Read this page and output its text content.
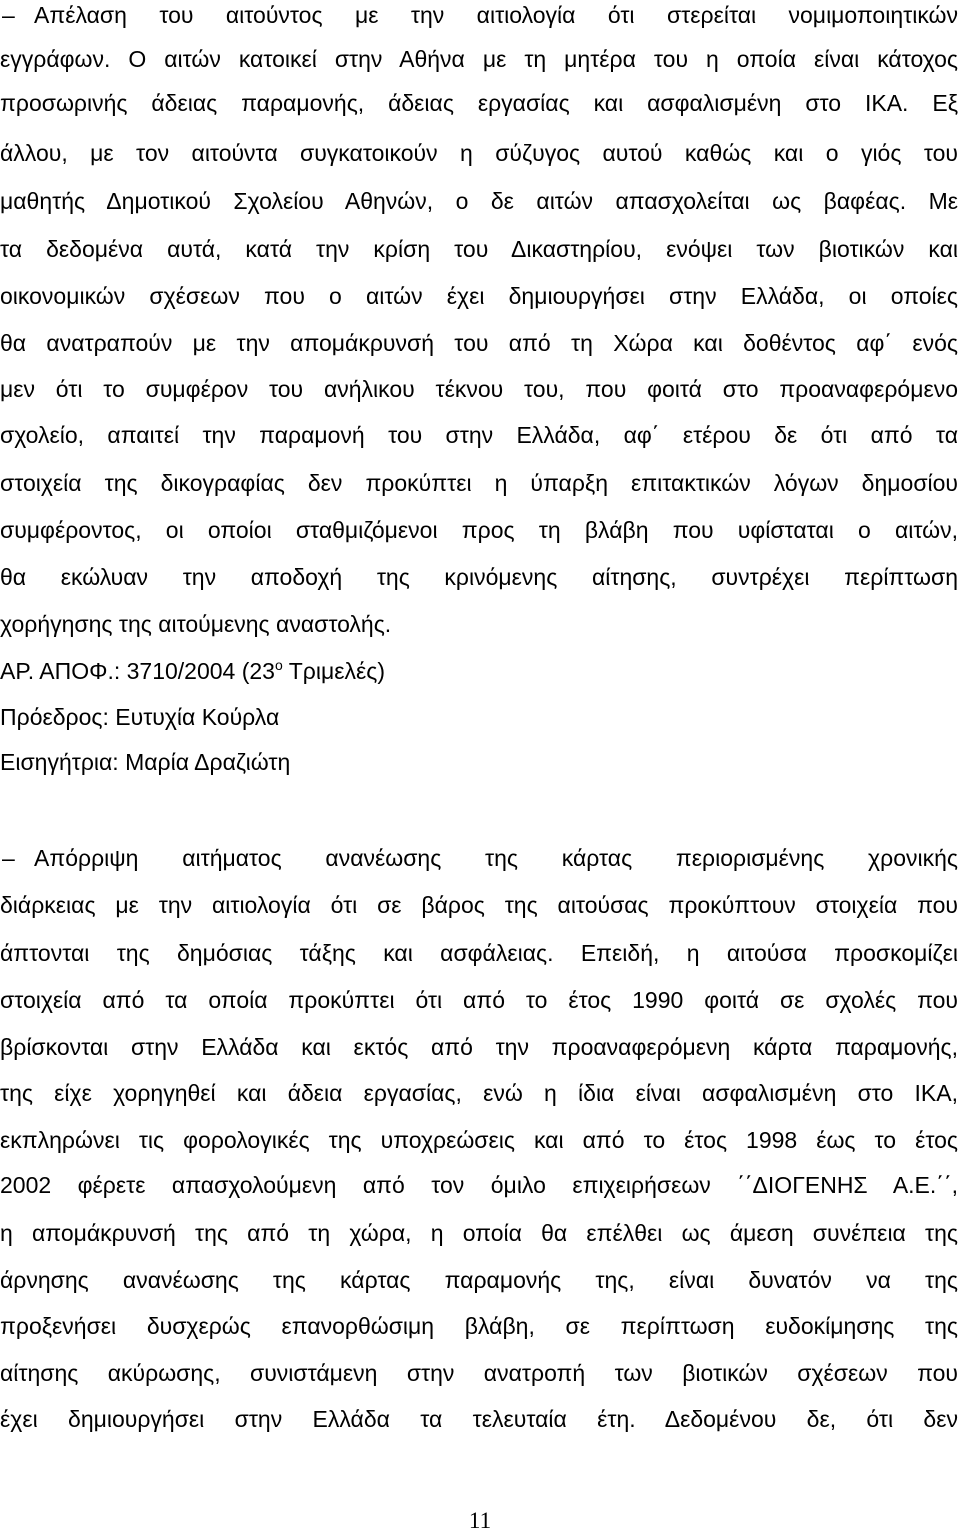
– Απέλαση του αιτούντος με την αιτιολογία ότι στερείται νομιμοποιητικών
εγγράφων. Ο αιτών κατοικεί στην Αθήνα με τη μητέρα του η οποία είναι κάτοχος
προσωρινής άδειας παραμονής, άδειας εργασίας και ασφαλισμένη στο ΙΚΑ. Εξ
άλλου, με τον αιτούντα συγκατοικούν η σύζυγος αυτού καθώς και ο γιός του
μαθητής Δημοτικού Σχολείου Αθηνών, ο δε αιτών απασχολείται ως βαφέας. Με
τα δεδομένα αυτά, κατά την κρίση του Δικαστηρίου, ενόψει των βιοτικών και
οικονομικών σχέσεων που ο αιτών έχει δημιουργήσει στην Ελλάδα, οι οποίες
θα ανατραπούν με την απομάκρυνσή του από τη Χώρα και δοθέντος αφ΄ ενός
μεν ότι το συμφέρον του ανήλικου τέκνου του, που φοιτά στο προαναφερόμενο
σχολείο, απαιτεί την παραμονή του στην Ελλάδα, αφ΄ ετέρου δε ότι από τα
στοιχεία της δικογραφίας δεν προκύπτει η ύπαρξη επιτακτικών λόγων δημοσίου
συμφέροντος, οι οποίοι σταθμιζόμενοι προς τη βλάβη που υφίσταται ο αιτών,
θα εκώλυαν την αποδοχή της κρινόμενης αίτησης, συντρέχει περίπτωση
χορήγησης της αιτούμενης αναστολής.
ΑΡ. ΑΠΟΦ.: 3710/2004 ($23^o$ Τριμελές)
Πρόεδρος: Ευτυχία Κούρλα
Εισηγήτρια: Μαρία Δραζιώτη
– Απόρριψη αιτήματος ανανέωσης της κάρτας περιορισμένης χρονικής
διάρκειας με την αιτιολογία ότι σε βάρος της αιτούσας προκύπτουν στοιχεία που
άπτονται της δημόσιας τάξης και ασφάλειας. Επειδή, η αιτούσα προσκομίζει
στοιχεία από τα οποία προκύπτει ότι από το έτος 1990 φοιτά σε σχολές που
βρίσκονται στην Ελλάδα και εκτός από την προαναφερόμενη κάρτα παραμονής,
της είχε χορηγηθεί και άδεια εργασίας, ενώ η ίδια είναι ασφαλισμένη στο ΙΚΑ,
εκπληρώνει τις φορολογικές της υποχρεώσεις και από το έτος 1998 έως το έτος
2002 φέρετε απασχολούμενη από τον όμιλο επιχειρήσεων ΄΄ΔΙΟΓΕΝΗΣ Α.Ε.΄΄,
η απομάκρυνσή της από τη χώρα, η οποία θα επέλθει ως άμεση συνέπεια της
άρνησης ανανέωσης της κάρτας παραμονής της, είναι δυνατόν να της
προξενήσει δυσχερώς επανορθώσιμη βλάβη, σε περίπτωση ευδοκίμησης της
αίτησης ακύρωσης, συνιστάμενη στην ανατροπή των βιοτικών σχέσεων που
έχει δημιουργήσει στην Ελλάδα τα τελευταία έτη. Δεδομένου δε, ότι δεν
11
